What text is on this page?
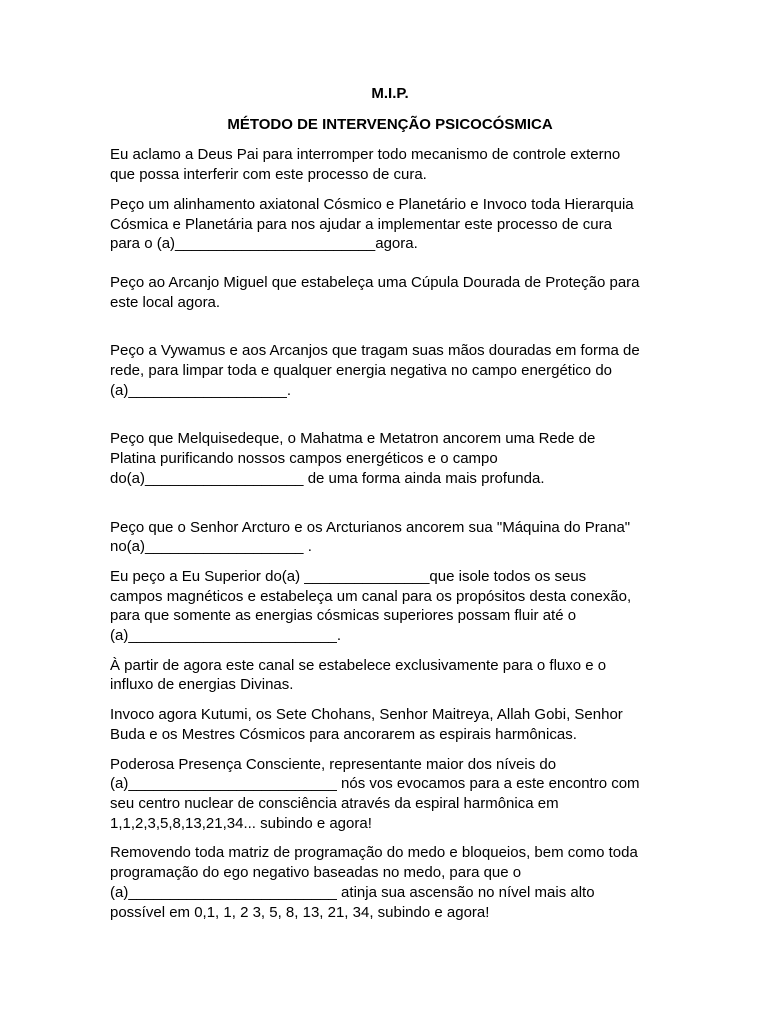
M.I.P.

MÉTODO DE INTERVENÇÃO PSICOCÓSMICA

Eu aclamo a Deus Pai para interromper todo mecanismo de controle externo
que possa interferir com este processo de cura.

Peço um alinhamento axiatonal Cósmico e Planetário e Invoco toda Hierarquia
Cósmica e Planetária para nos ajudar a implementar este processo de cura
para o (a)________________________agora.

Peço ao Arcanjo Miguel que estabeleça uma Cúpula Dourada de Proteção para
este local agora.

Peço a Vywamus e aos Arcanjos que tragam suas mãos douradas em forma de
rede, para limpar toda e qualquer energia negativa no campo energético do
(a)___________________.

Peço que Melquisedeque, o Mahatma e Metatron ancorem uma Rede de
Platina purificando nossos campos energéticos e o campo
do(a)___________________ de uma forma ainda mais profunda.

Peço que o Senhor Arcturo e os Arcturianos ancorem sua "Máquina do Prana"
no(a)___________________ .

Eu peço a Eu Superior do(a) _______________que isole todos os seus
campos magnéticos e estabeleça um canal para os propósitos desta conexão,
para que somente as energias cósmicas superiores possam fluir até o
(a)_________________________.

À partir de agora este canal se estabelece exclusivamente para o fluxo e o
influxo de energias Divinas.

Invoco agora Kutumi, os Sete Chohans, Senhor Maitreya, Allah Gobi, Senhor
Buda e os Mestres Cósmicos para ancorarem as espirais harmônicas.

Poderosa Presença Consciente, representante maior dos níveis do
(a)_________________________ nós vos evocamos para a este encontro com
seu centro nuclear de consciência através da espiral harmônica em
1,1,2,3,5,8,13,21,34... subindo e agora!

Removendo toda matriz de programação do medo e bloqueios, bem como toda
programação do ego negativo baseadas no medo, para que o
(a)_________________________ atinja sua ascensão no nível mais alto
possível em 0,1, 1, 2 3, 5, 8, 13, 21, 34, subindo e agora!
